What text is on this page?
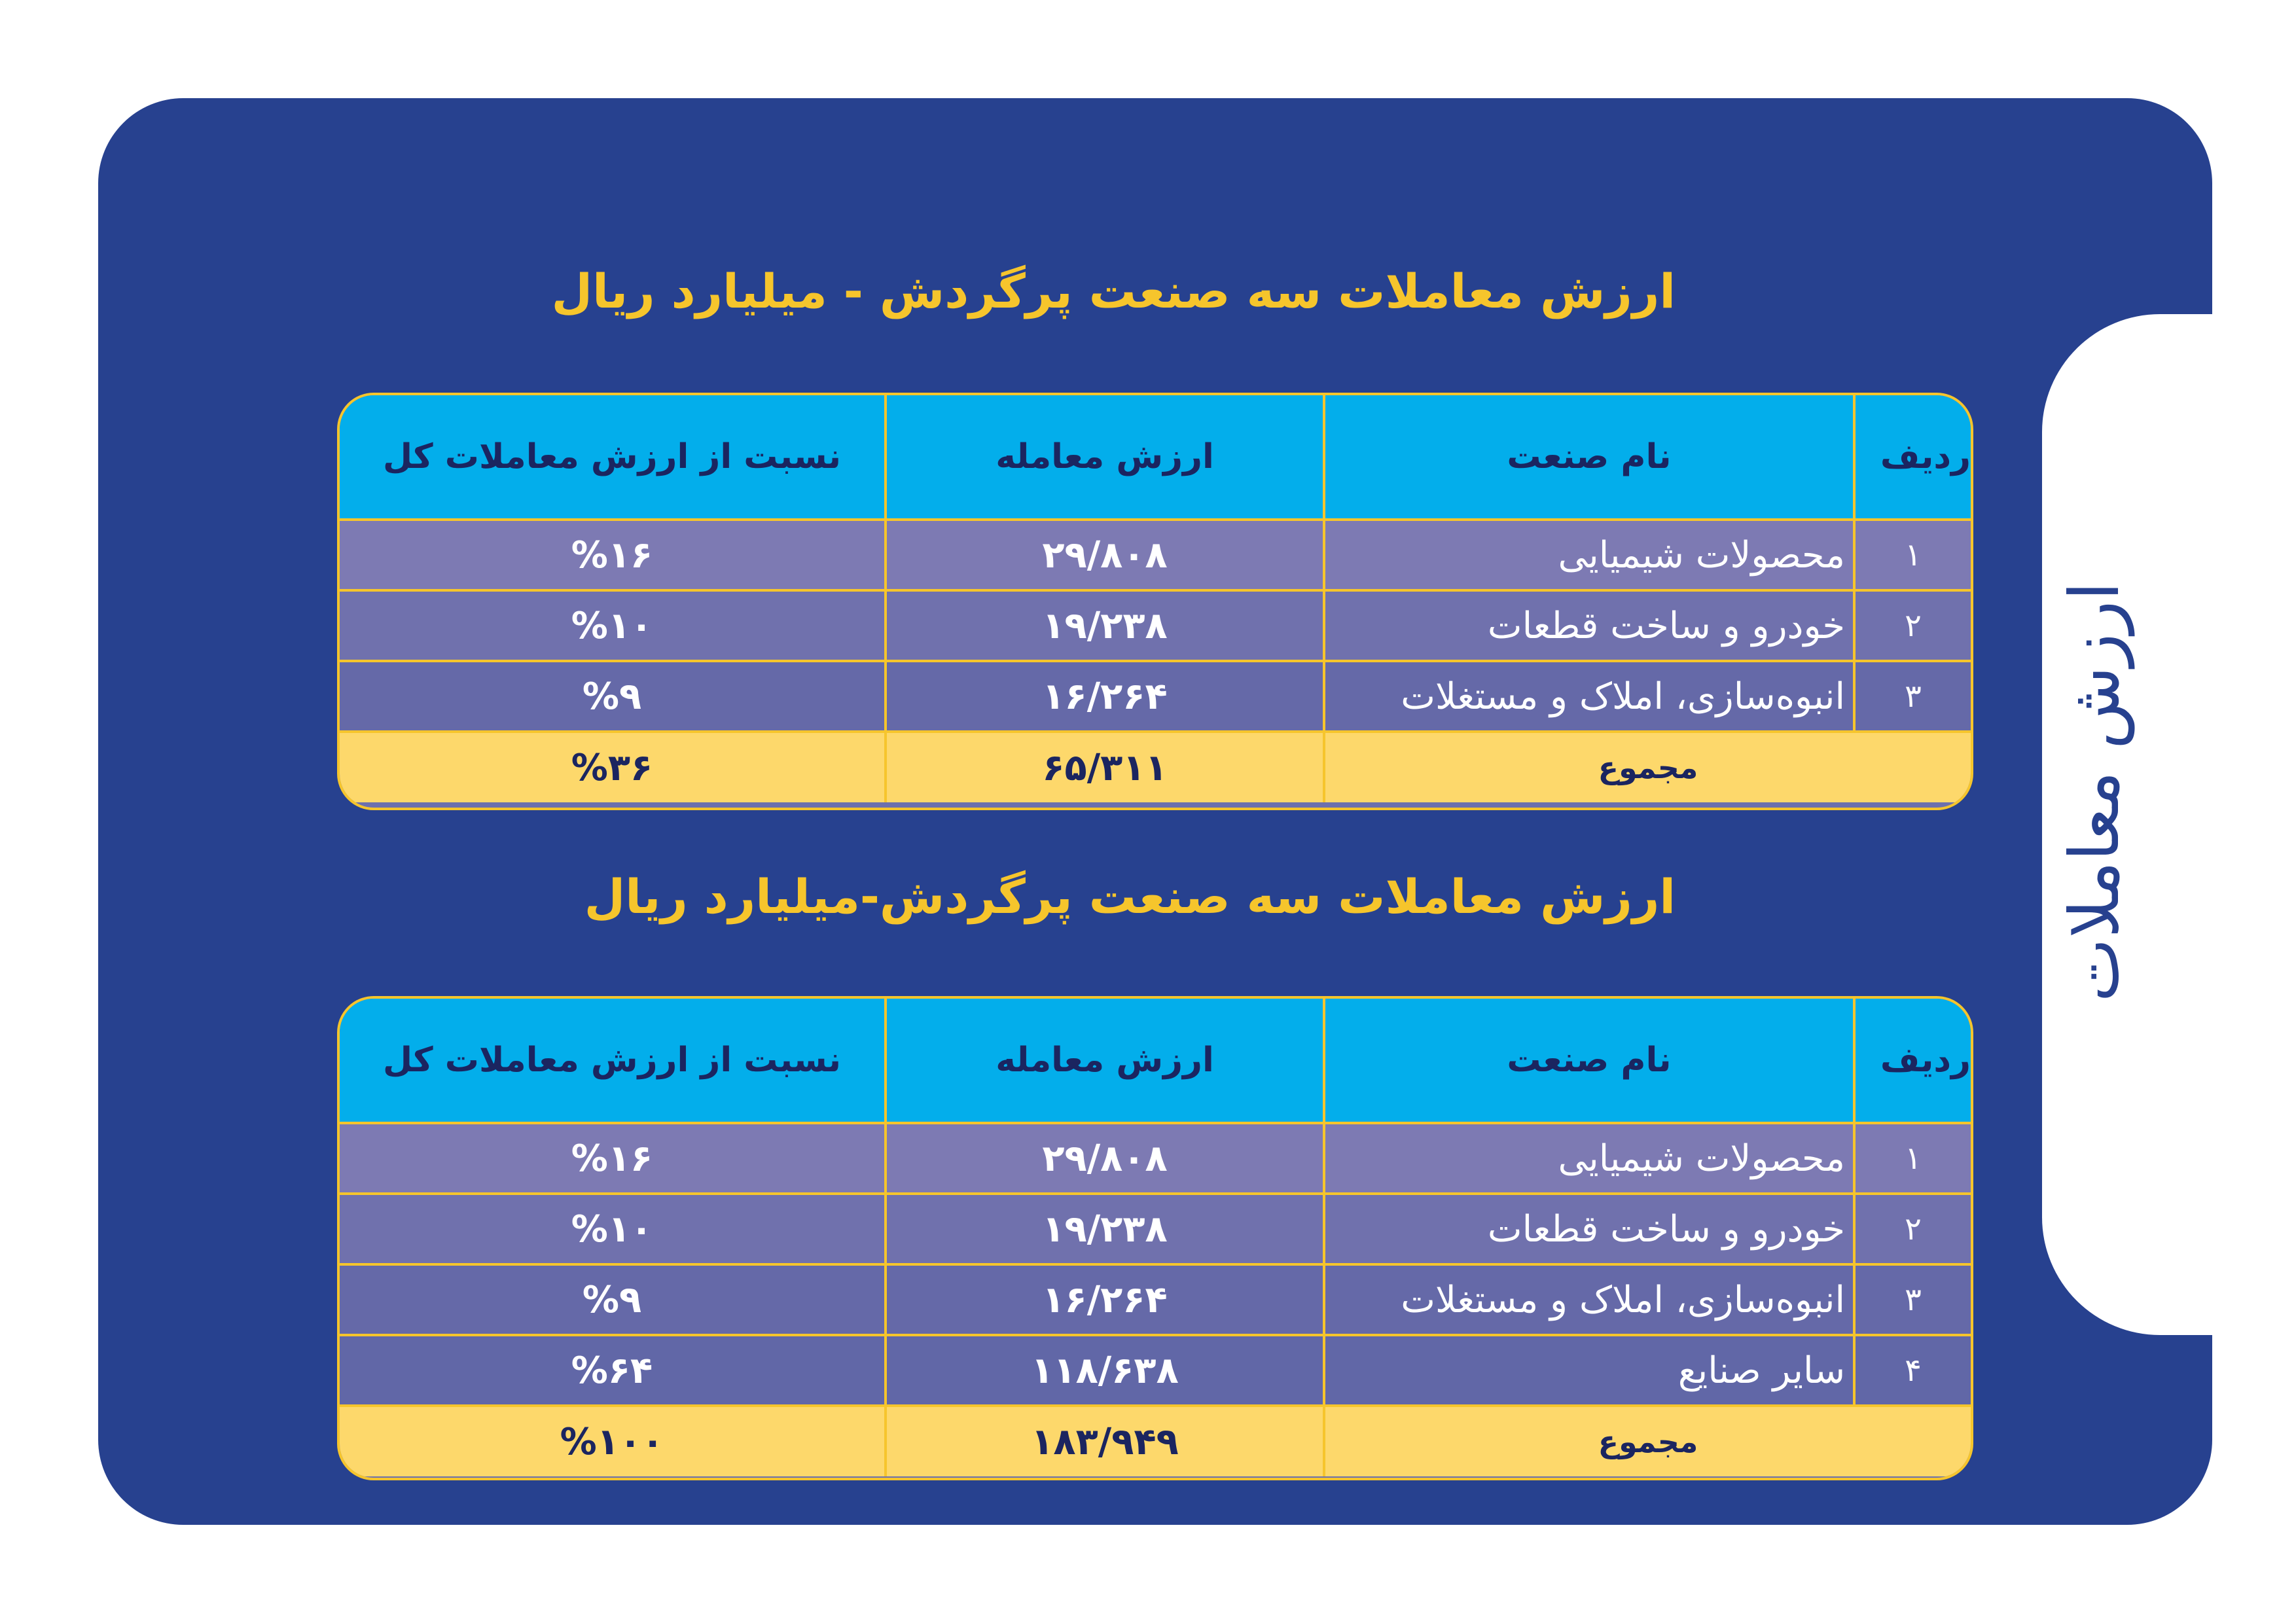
ارزش معاملات
ارزش معاملات سه صنعت پرگردش - میلیارد ریال
ردیف
نام صنعت
ارزش معامله
نسبت از ارزش معاملات کل
۱
محصولات شیمیایی
۲۹/۸۰۸
%۱۶
۲
خودرو و ساخت قطعات
۱۹/۲۳۸
%۱۰
۳
انبوه‌سازی، املاک و مستغلات
۱۶/۲۶۴
%۹
مجموع
۶۵/۳۱۱
%۳۶
ارزش معاملات سه صنعت پرگردش-میلیارد ریال
ردیف
نام صنعت
ارزش معامله
نسبت از ارزش معاملات کل
۱
محصولات شیمیایی
۲۹/۸۰۸
%۱۶
۲
خودرو و ساخت قطعات
۱۹/۲۳۸
%۱۰
۳
انبوه‌سازی، املاک و مستغلات
۱۶/۲۶۴
%۹
۴
سایر صنایع
۱۱۸/۶۳۸
%۶۴
مجموع
۱۸۳/۹۴۹
%۱۰۰
